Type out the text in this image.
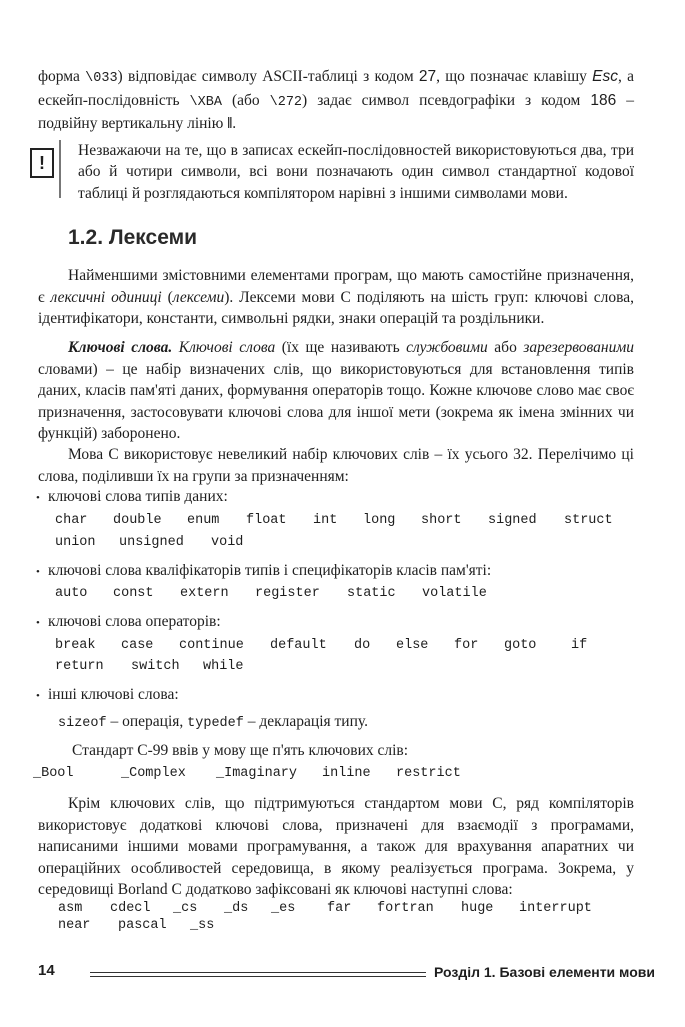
форма \033) відповідає символу ASCII-таблиці з кодом 27, що позначає клавішу Esc, а ескейп-послідовність \XBA (або \272) задає символ псевдографіки з кодом 186 – подвійну вертикальну лінію ‖.

!

Незважаючи на те, що в записах ескейп-послідовностей використовуються два, три або й чотири символи, всі вони позначають один символ стандартної кодової таблиці й розглядаються компілятором нарівні з іншими символами мови.

1.2. Лексеми

Найменшими змістовними елементами програм, що мають самостійне призначення, є лексичні одиниці (лексеми). Лексеми мови С поділяють на шість груп: ключові слова, ідентифікатори, константи, символьні рядки, знаки операцій та роздільники.

Ключові слова. Ключові слова (їх ще називають службовими або зарезервованими словами) – це набір визначених слів, що використовуються для встановлення типів даних, класів пам'яті даних, формування операторів тощо. Кожне ключове слово має своє призначення, застосовувати ключові слова для іншої мети (зокрема як імена змінних чи функцій) заборонено.

Мова С використовує невеликий набір ключових слів – їх усього 32. Перелічимо ці слова, поділивши їх на групи за призначенням:

• ключові слова типів даних:
char	double	enum	float	int	long	short	signed	struct
union	unsigned	void
• ключові слова кваліфікаторів типів і специфікаторів класів пам'яті:
auto	const	extern	register	static	volatile
• ключові слова операторів:
break	case	continue	default	do	else	for	goto	if
return	switch	while
• інші ключові слова:
sizeof – операція, typedef – декларація типу.

Стандарт С-99 ввів у мову ще п'ять ключових слів:

_Bool	_Complex	_Imaginary	inline	restrict

Крім ключових слів, що підтримуються стандартом мови С, ряд компіляторів використовує додаткові ключові слова, призначені для взаємодії з програмами, написаними іншими мовами програмування, а також для врахування апаратних чи операційних особливостей середовища, в якому реалізується програма. Зокрема, у середовищі Borland С додатково зафіксовані як ключові наступні слова:

asm	cdecl	_cs	_ds	_es	far	fortran	huge	interrupt
near	pascal	_ss
14	Розділ 1. Базові елементи мови
